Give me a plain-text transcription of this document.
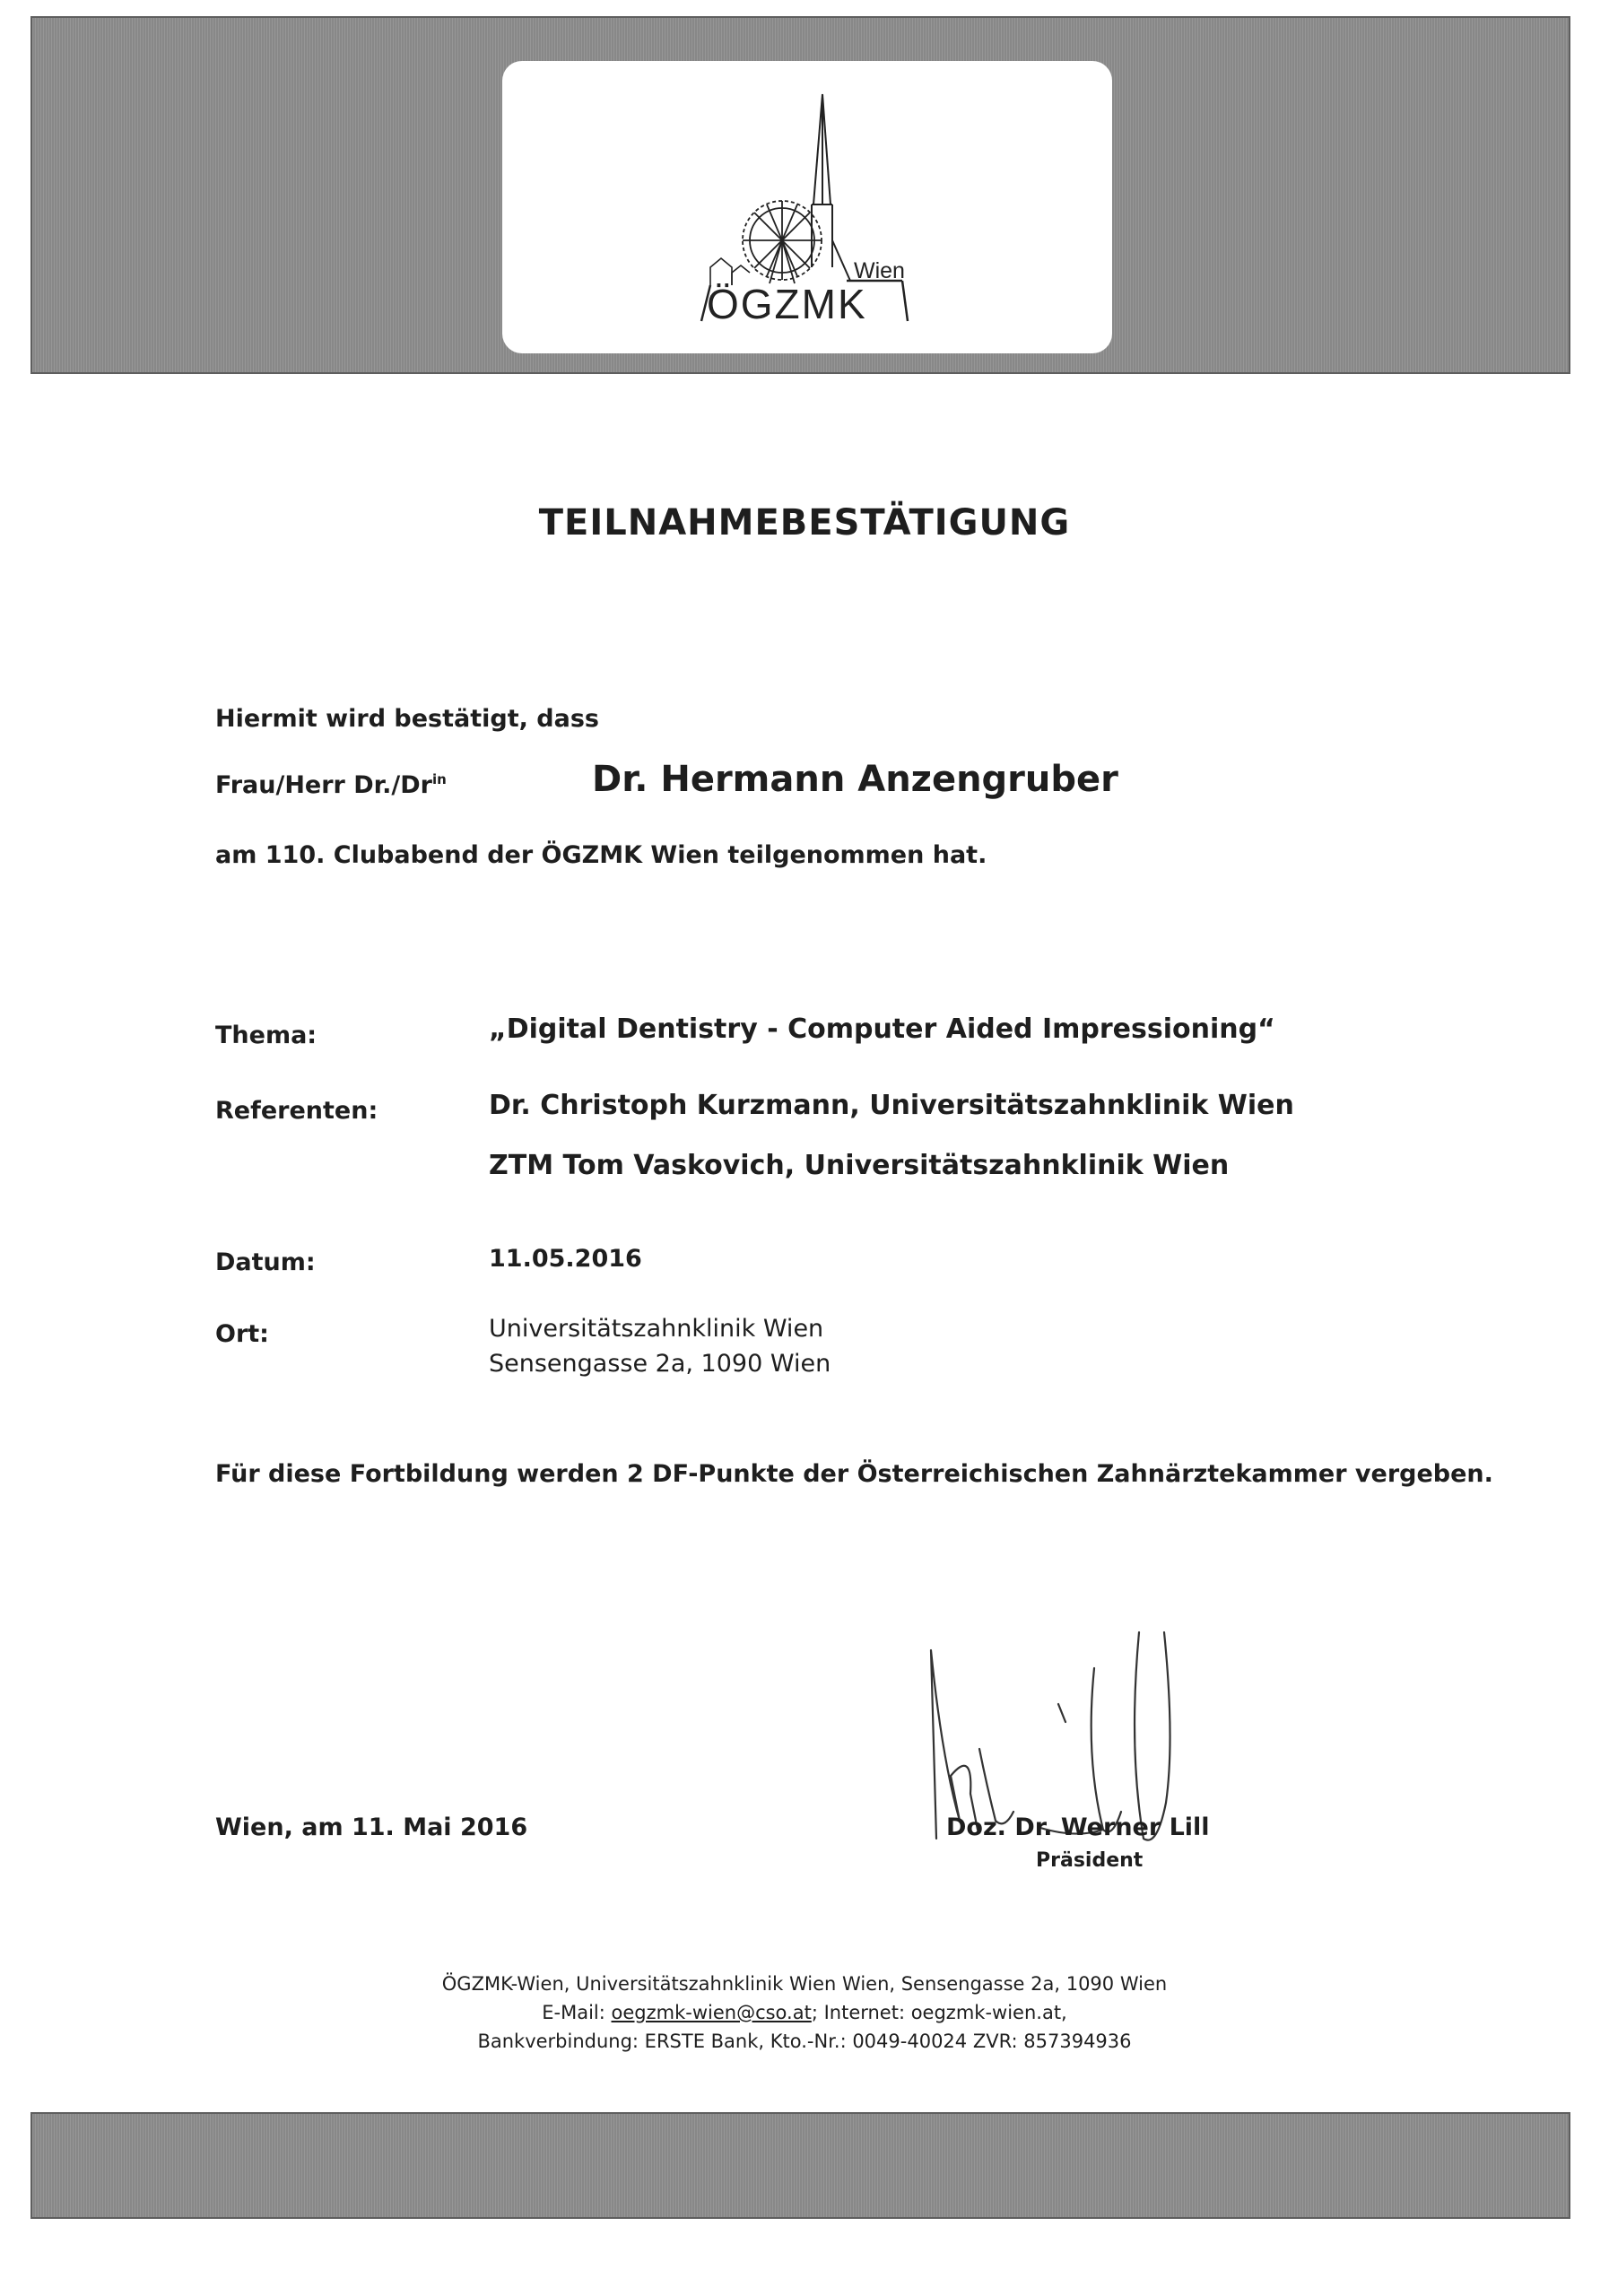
Wien
ÖGZMK
TEILNAHMEBESTÄTIGUNG
Hiermit wird bestätigt, dass
Frau/Herr $Dr./Dr^{in}$	Dr. Hermann Anzengruber
am 110. Clubabend der ÖGZMK Wien teilgenommen hat.
Thema:	„Digital Dentistry - Computer Aided Impressioning“
Referenten:	Dr. Christoph Kurzmann, Universitätszahnklinik Wien
ZTM Tom Vaskovich, Universitätszahnklinik Wien
Datum:	11.05.2016
Ort:	Universitätszahnklinik Wien
Sensengasse 2a, 1090 Wien
Für diese Fortbildung werden 2 DF-Punkte der Österreichischen Zahnärztekammer vergeben.
Wien, am 11. Mai 2016	Doz. Dr. Werner Lill
Präsident
ÖGZMK-Wien, Universitätszahnklinik Wien Wien, Sensengasse 2a, 1090 Wien
E-Mail: oegzmk-wien@cso.at; Internet: oegzmk-wien.at,
Bankverbindung: ERSTE Bank, Kto.-Nr.: 0049-40024 ZVR: 857394936
